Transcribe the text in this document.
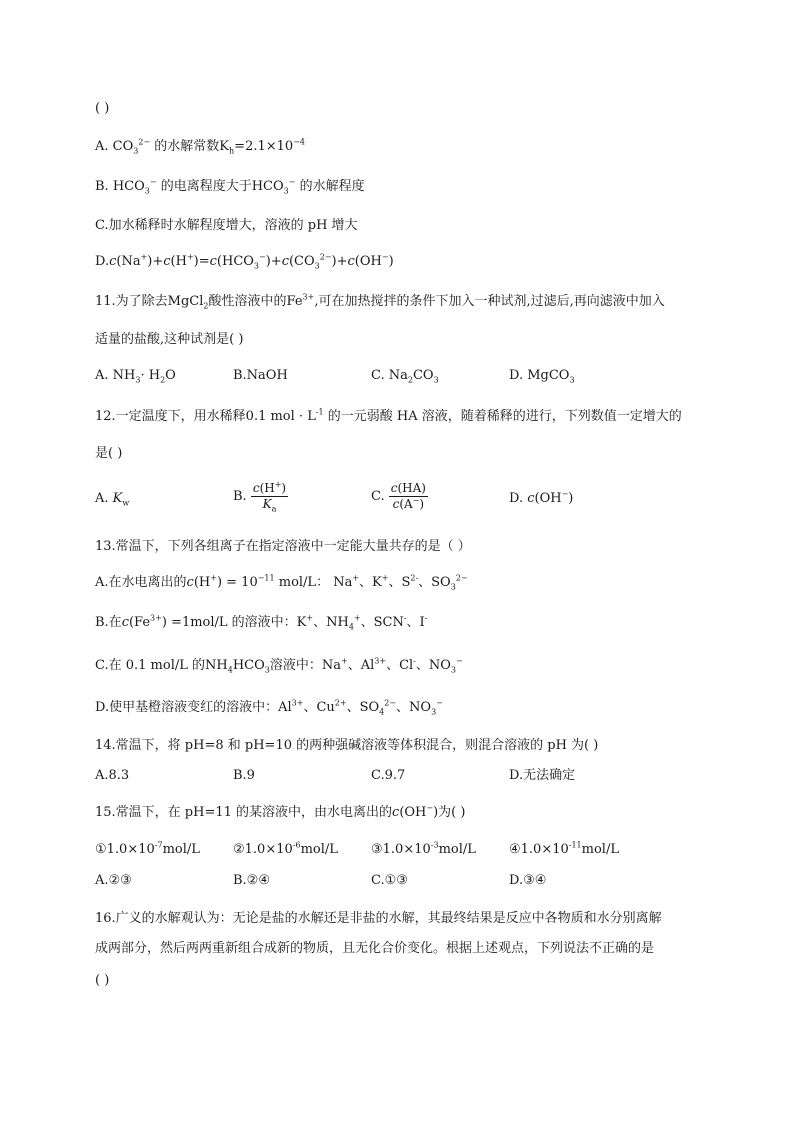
( )
A. $CO_3^{2-}$ 的水解常数$K_h=2.1\times 10^{-4}$
B. $HCO_3^-$ 的电离程度大于$HCO_3^-$ 的水解程度
C.加水稀释时水解程度增大，溶液的 pH 增大
$D.c(Na^+)+c(H^+)=c(HCO_3^-)+c(CO_3^{2-})+c(OH^-)$
11.为了除去MgCl$_2$酸性溶液中的$Fe^{3+}$,可在加热搅拌的条件下加入一种试剂,过滤后,再向滤液中加入
适量的盐酸,这种试剂是( )
A. $NH_3\cdot H_2O$	B.NaOH	C. $Na_2CO_3$	D. MgCO$_3$
12.一定温度下，用水稀释0.1 mol · $L^{-1}$ 的一元弱酸 HA 溶液，随着稀释的进行，下列数值一定增大的
是( )
A. $K_w$	B. $\frac{c(H^+)}{K_a}$	C. $\frac{c(HA)}{c(A^-)}$	D. c(OH−)
13.常温下，下列各组离子在指定溶液中一定能大量共存的是（ ）
A.在水电离出的$c(H^+) = 10^{-11}$ mol/L： Na+、K+、$S^{2-}$、$SO_3^{2-}$
B.在$c(Fe^{3+}) =1mol/L$ 的溶液中：K+、$NH_4^+$、SCN-、I-
C.在 0.1 mol/L 的$NH_4HCO_3$溶液中：Na+、$Al^{3+}$、Cl-、$NO_3^-$
D.使甲基橙溶液变红的溶液中：$Al^{3+}$、$Cu^{2+}$、$SO_4^{2-}$、$NO_3^-$
14.常温下，将 pH=8 和 pH=10 的两种强碱溶液等体积混合，则混合溶液的 pH 为( )
A.8.3	B.9	C.9.7	D.无法确定
15.常温下，在 pH=11 的某溶液中，由水电离出的c(OH−)为( )
$①1.0\times 10^{-7}mol/L$	$②1.0\times 10^{-6}mol/L$	$③1.0\times 10^{-3}mol/L$	$④1.0\times 10^{-11}mol/L$
A.②③	B.②④	C.①③	D.③④
16.广义的水解观认为：无论是盐的水解还是非盐的水解，其最终结果是反应中各物质和水分别离解
成两部分，然后两两重新组合成新的物质，且无化合价变化。根据上述观点，下列说法不正确的是
( )
